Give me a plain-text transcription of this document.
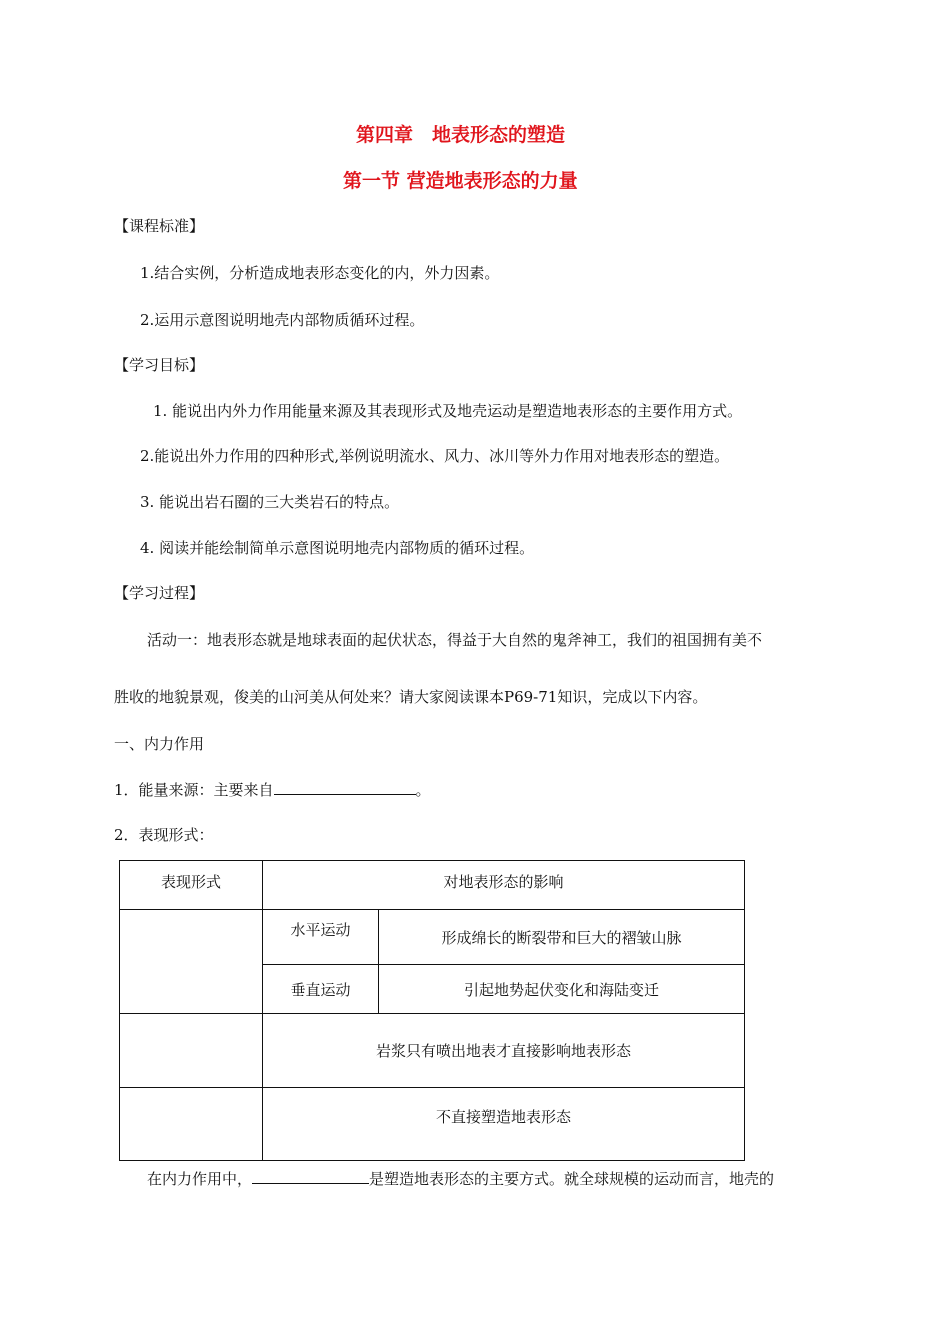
第四章　地表形态的塑造
第一节 营造地表形态的力量
【课程标准】
1.结合实例，分析造成地表形态变化的内，外力因素。
2.运用示意图说明地壳内部物质循环过程。
【学习目标】
1. 能说出内外力作用能量来源及其表现形式及地壳运动是塑造地表形态的主要作用方式。
2.能说出外力作用的四种形式,举例说明流水、风力、冰川等外力作用对地表形态的塑造。
3. 能说出岩石圈的三大类岩石的特点。
4. 阅读并能绘制简单示意图说明地壳内部物质的循环过程。
【学习过程】
活动一：地表形态就是地球表面的起伏状态，得益于大自然的鬼斧神工，我们的祖国拥有美不
胜收的地貌景观，俊美的山河美从何处来？请大家阅读课本P69-71知识，完成以下内容。
一、内力作用
1．能量来源：主要来自	。
2．表现形式：
表现形式	对地表形态的影响	
	水平运动	形成绵长的断裂带和巨大的褶皱山脉
	垂直运动	引起地势起伏变化和海陆变迁
	岩浆只有喷出地表才直接影响地表形态	
	不直接塑造地表形态	
在内力作用中，	是塑造地表形态的主要方式。就全球规模的运动而言，地壳的
